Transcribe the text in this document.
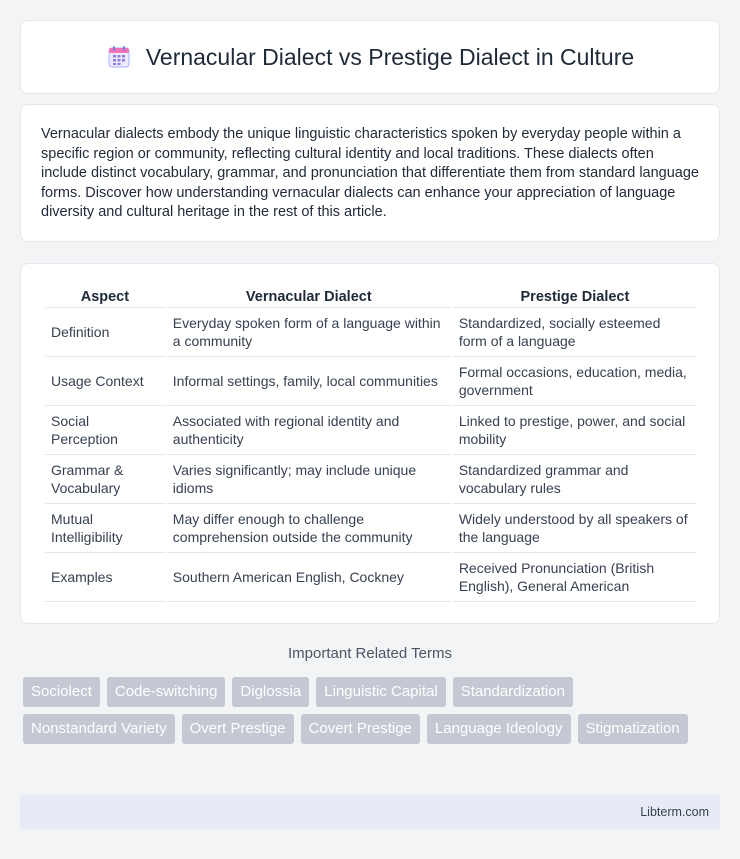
Vernacular Dialect vs Prestige Dialect in Culture

Vernacular dialects embody the unique linguistic characteristics spoken by everyday people within a specific region or community, reflecting cultural identity and local traditions. These dialects often include distinct vocabulary, grammar, and pronunciation that differentiate them from standard language forms. Discover how understanding vernacular dialects can enhance your appreciation of language diversity and cultural heritage in the rest of this article.

Aspect	Vernacular Dialect	Prestige Dialect
Definition	Everyday spoken form of a language within a community	Standardized, socially esteemed form of a language
Usage Context	Informal settings, family, local communities	Formal occasions, education, media, government
Social Perception	Associated with regional identity and authenticity	Linked to prestige, power, and social mobility
Grammar & Vocabulary	Varies significantly; may include unique idioms	Standardized grammar and vocabulary rules
Mutual Intelligibility	May differ enough to challenge comprehension outside the community	Widely understood by all speakers of the language
Examples	Southern American English, Cockney	Received Pronunciation (British English), General American
Important Related Terms
Sociolect	Code-switching	Diglossia	Linguistic Capital	Standardization
Nonstandard Variety	Overt Prestige	Covert Prestige	Language Ideology	Stigmatization
Libterm.com
